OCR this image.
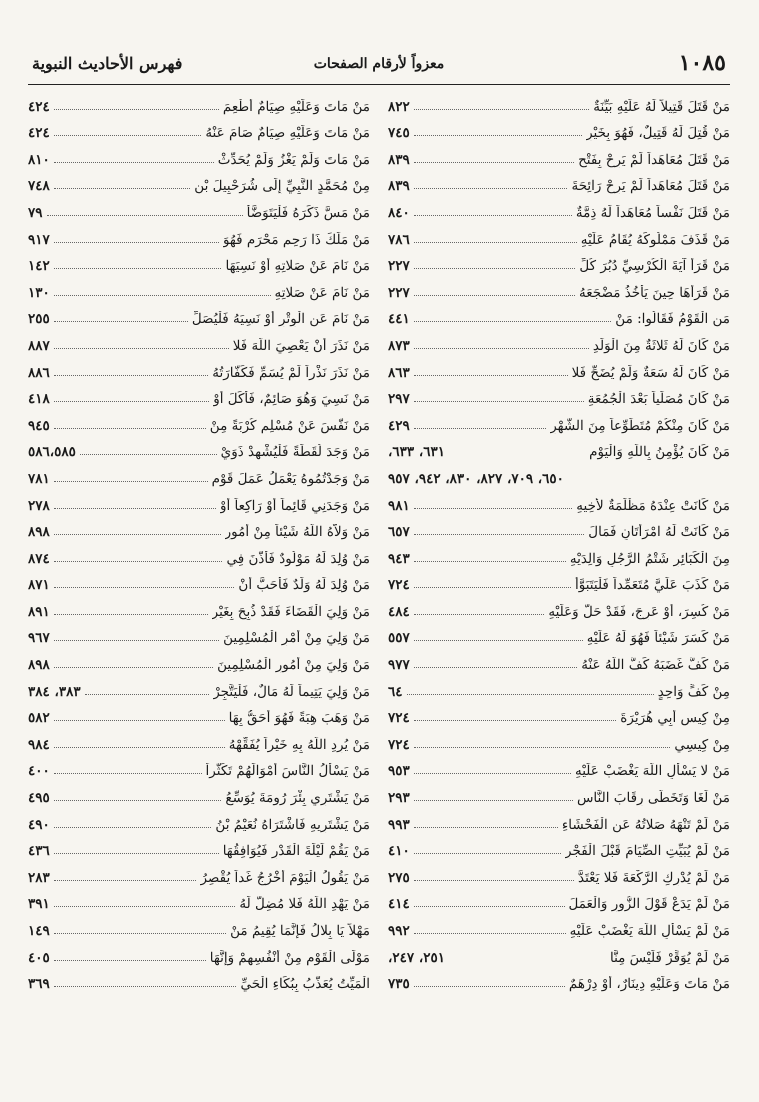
١٠٨٥
معزواً لأرقام الصفحات
فهرس الأحاديث النبوية
مَنْ قَتَلَ قَتِيلاً لَهُ عَلَيْهِ بَيِّنَةٌ
٨٢٢
مَنْ قُتِلَ لَهُ قَتِيلٌ، فَهُوَ بِخَيْرِ
٧٤٥
مَنْ قَتَلَ مُعَاهَداً لَمْ يَرِحْ بِفَتْحِ
٨٣٩
مَنْ قَتَلَ مُعَاهَداً لَمْ يَرِحْ رَائِحَةَ
٨٣٩
مَنْ قَتَلَ نَفْساً مُعَاهَداً لَهُ ذِمَّةٌ
٨٤٠
مَنْ قَذَفَ مَمْلُوكَهُ يُقَامُ عَلَيْهِ
٧٨٦
مَنْ قَرَأَ آيَةَ الْكُرْسِيِّ دُبُرَ كُلِّ
٢٢٧
مَنْ قَرَأَهَا حِينَ يَأْخُذُ مَضْجَعَهُ
٢٢٧
مَنِ الْقَوْمُ فَقَالُوا: مَنْ
٤٤١
مَنْ كَانَ لَهُ ثَلاثَةٌ مِنَ الْوَلَدِ
٨٧٣
مَنْ كَانَ لَهُ سَعَةٌ وَلَمْ يُضَحِّ فَلا
٨٦٣
مَنْ كَانَ مُصَلِّياً بَعْدَ الْجُمُعَةِ
٢٩٧
مَنْ كَانَ مِنْكُمْ مُتَطَوِّعاً مِنَ الشَّهْرِ
٤٢٩
مَنْ كَانَ يُؤْمِنُ بِاللَّهِ وَالْيَوْمِ
٦٣١، ٦٣٣،
٦٥٠، ٧٠٩، ٨٢٧، ٨٣٠، ٩٤٢، ٩٥٧
مَنْ كَانَتْ عِنْدَهُ مَظْلَمَةٌ لأَخِيهِ
٩٨١
مَنْ كَانَتْ لَهُ امْرَأَتَانِ فَمَالَ
٦٥٧
مِنَ الْكَبَائِرِ شَتْمُ الرَّجُلِ وَالِدَيْهِ
٩٤٣
مَنْ كَذَبَ عَلَيَّ مُتَعَمِّداً فَلْيَتَبَوَّأْ
٧٢٤
مَنْ كُسِرَ، أَوْ عَرِجَ، فَقَدْ حَلَّ وَعَلَيْهِ
٤٨٤
مَنْ كَسَرَ شَيْئاً فَهُوَ لَهُ عَلَيْهِ
٥٥٧
مَنْ كَفَّ غَضَبَهُ كَفَّ اللَّهُ عَنْهُ
٩٧٧
مِنْ كَفٍّ وَاحِدٍ
٦٤
مِنْ كِيسِ أَبِي هُرَيْرَةَ
٧٢٤
مِنْ كِيسِي
٧٢٤
مَنْ لا يَسْأَلِ اللَّهَ يَغْضَبْ عَلَيْهِ
٩٥٣
مَنْ لَغَا وَتَخَطَّى رِقَابَ النَّاسِ
٢٩٣
مَنْ لَمْ تَنْهَهُ صَلاتُهُ عَنِ الْفَحْشَاءِ
٩٩٣
مَنْ لَمْ يُبَيِّتِ الصِّيَامَ قَبْلَ الْفَجْرِ
٤١٠
مَنْ لَمْ يُدْرِكِ الرَّكْعَةَ فَلا يَعْتَدَّ
٢٧٥
مَنْ لَمْ يَدَعْ قَوْلَ الزُّورِ وَالْعَمَلَ
٤١٤
مَنْ لَمْ يَسْأَلِ اللَّهَ يَغْضَبْ عَلَيْهِ
٩٩٢
مَنْ لَمْ يُوَقِّرْ فَلَيْسَ مِنَّا
٢٥١، ٢٤٧،
مَنْ مَاتَ وَعَلَيْهِ دِينَارٌ، أَوْ دِرْهَمٌ
٧٣٥
مَنْ مَاتَ وَعَلَيْهِ صِيَامٌ أُطْعِمَ
٤٢٤
مَنْ مَاتَ وَعَلَيْهِ صِيَامٌ صَامَ عَنْهُ
٤٢٤
مَنْ مَاتَ وَلَمْ يَغْزُ وَلَمْ يُحَدِّثْ
٨١٠
مِنْ مُحَمَّدٍ النَّبِيِّ إِلَى شُرَحْبِيلَ بْنِ
٧٤٨
مَنْ مَسَّ ذَكَرَهُ فَلْيَتَوَضَّأْ
٧٩
مَنْ مَلَكَ ذَا رَحِمٍ مَحْرَمٍ فَهُوَ
٩١٧
مَنْ نَامَ عَنْ صَلاتِهِ أَوْ نَسِيَهَا
١٤٢
مَنْ نَامَ عَنْ صَلاتِهِ
١٣٠
مَنْ نَامَ عَنِ الْوِتْرِ أَوْ نَسِيَهُ فَلْيُصَلِّ
٢٥٥
مَنْ نَذَرَ أَنْ يَعْصِيَ اللَّهَ فَلا
٨٨٧
مَنْ نَذَرَ نَذْراً لَمْ يُسَمِّ فَكَفَّارَتُهُ
٨٨٦
مَنْ نَسِيَ وَهُوَ صَائِمٌ، فَأَكَلَ أَوْ
٤١٨
مَنْ نَفَّسَ عَنْ مُسْلِمٍ كُرْبَةً مِنْ
٩٤٥
مَنْ وَجَدَ لُقَطَةً فَلْيُشْهِدْ ذَوَيْ
٥٨٦،٥٨٥
مَنْ وَجَدْتُمُوهُ يَعْمَلُ عَمَلَ قَوْمِ
٧٨١
مَنْ وَجَدَنِي قَائِماً أَوْ رَاكِعاً أَوْ
٢٧٨
مَنْ وَلاَّهُ اللَّهُ شَيْئاً مِنْ أُمُورِ
٨٩٨
مَنْ وُلِدَ لَهُ مَوْلُودٌ فَأَذَّنَ فِي
٨٧٤
مَنْ وُلِدَ لَهُ وَلَدٌ فَأَحَبَّ أَنْ
٨٧١
مَنْ وَلِيَ الْقَضَاءَ فَقَدْ ذُبِحَ بِغَيْرِ
٨٩١
مَنْ وَلِيَ مِنْ أَمْرِ الْمُسْلِمِينَ
٩٦٧
مَنْ وَلِيَ مِنْ أُمُورِ الْمُسْلِمِينَ
٨٩٨
مَنْ وَلِيَ يَتِيماً لَهُ مَالٌ، فَلْيَتَّجِرْ
٣٨٣، ٣٨٤
مَنْ وَهَبَ هِبَةً فَهُوَ أَحَقُّ بِهَا
٥٨٢
مَنْ يُرِدِ اللَّهُ بِهِ خَيْراً يُفَقِّهْهُ
٩٨٤
مَنْ يَسْأَلُ النَّاسَ أَمْوَالَهُمْ تَكَثُّراً
٤٠٠
مَنْ يَشْتَرِي بِئْرَ رُومَةَ يُوَسِّعُ
٤٩٥
مَنْ يَشْتَرِيهِ فَاشْتَرَاهُ نُعَيْمُ بْنُ
٤٩٠
مَنْ يَقُمْ لَيْلَةَ الْقَدْرِ فَيُوَافِقُهَا
٤٣٦
مَنْ يَقُولُ الْيَوْمَ أُخْرُجُ غَداً يُقْصِرُ
٢٨٣
مَنْ يَهْدِ اللَّهُ فَلا مُضِلَّ لَهُ
٣٩١
مَهْلاً يَا بِلالُ فَإِنَّمَا يُقِيمُ مَنْ
١٤٩
مَوْلَى الْقَوْمِ مِنْ أَنْفُسِهِمْ وَإِنَّهَا
٤٠٥
الْمَيِّتُ يُعَذَّبُ بِبُكَاءِ الْحَيِّ
٣٦٩
